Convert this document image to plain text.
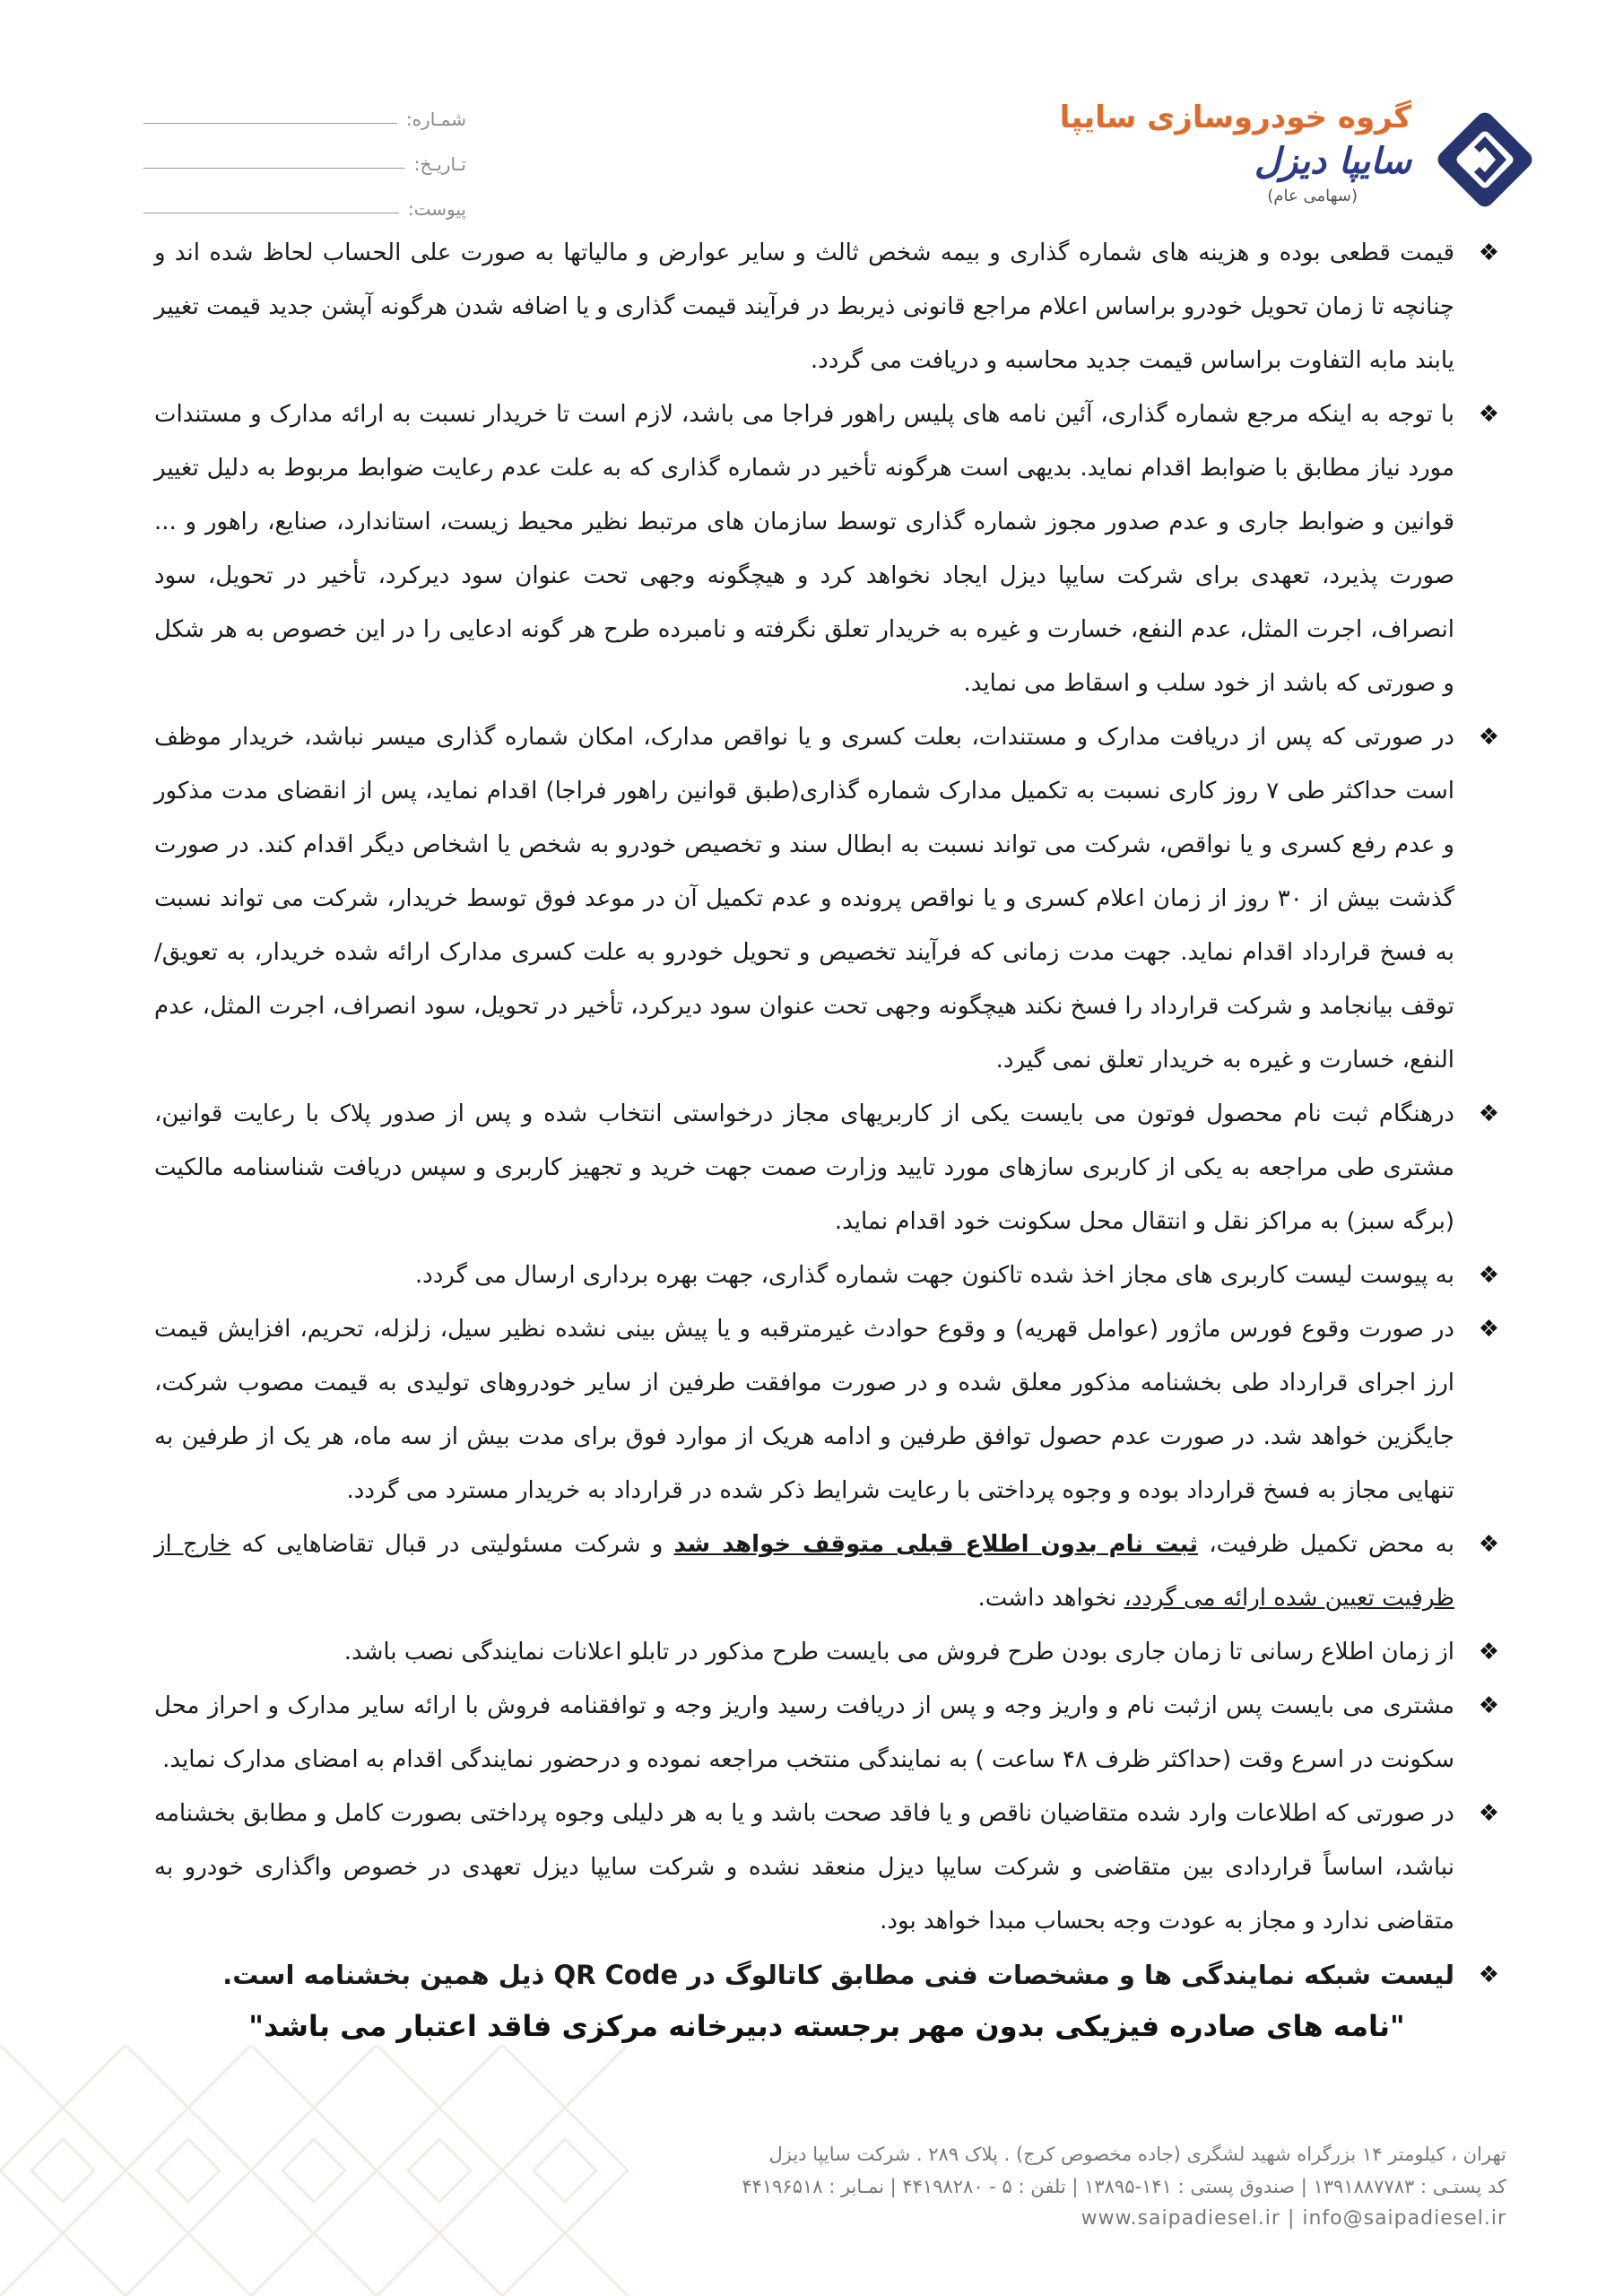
گروه خودروسازی سایپا
سایپا دیزل
(سهامی عام)
شمـاره:
تـاریـخ:
پیوست:
❖
قیمت قطعی بوده و هزینه های شماره گذاری و بیمه شخص ثالث و سایر عوارض و مالیاتها به صورت علی الحساب لحاظ شده اند و چنانچه تا زمان تحویل خودرو براساس اعلام مراجع قانونی ذیربط در فرآیند قیمت گذاری و یا اضافه شدن هرگونه آپشن جدید قیمت تغییر یابند مابه التفاوت براساس قیمت جدید محاسبه و دریافت می گردد.
❖
با توجه به اینکه مرجع شماره گذاری، آئین نامه های پلیس راهور فراجا می باشد، لازم است تا خریدار نسبت به ارائه مدارک و مستندات مورد نیاز مطابق با ضوابط اقدام نماید. بدیهی است هرگونه تأخیر در شماره گذاری که به علت عدم رعایت ضوابط مربوط به دلیل تغییر قوانین و ضوابط جاری و عدم صدور مجوز شماره گذاری توسط سازمان های مرتبط نظیر محیط زیست، استاندارد، صنایع، راهور و ... صورت پذیرد، تعهدی برای شرکت سایپا دیزل ایجاد نخواهد کرد و هیچگونه وجهی تحت عنوان سود دیرکرد، تأخیر در تحویل، سود انصراف، اجرت المثل، عدم النفع، خسارت و غیره به خریدار تعلق نگرفته و نامبرده طرح هر گونه ادعایی را در این خصوص به هر شکل و صورتی که باشد از خود سلب و اسقاط می نماید.
❖
در صورتی که پس از دریافت مدارک و مستندات، بعلت کسری و یا نواقص مدارک، امکان شماره گذاری میسر نباشد، خریدار موظف است حداکثر طی ۷ روز کاری نسبت به تکمیل مدارک شماره گذاری(طبق قوانین راهور فراجا) اقدام نماید، پس از انقضای مدت مذکور و عدم رفع کسری و یا نواقص، شرکت می تواند نسبت به ابطال سند و تخصیص خودرو به شخص یا اشخاص دیگر اقدام کند. در صورت گذشت بیش از ۳۰ روز از زمان اعلام کسری و یا نواقص پرونده و عدم تکمیل آن در موعد فوق توسط خریدار، شرکت می تواند نسبت به فسخ قرارداد اقدام نماید. جهت مدت زمانی که فرآیند تخصیص و تحویل خودرو به علت کسری مدارک ارائه شده خریدار، به تعویق/ توقف بیانجامد و شرکت قرارداد را فسخ نکند هیچگونه وجهی تحت عنوان سود دیرکرد، تأخیر در تحویل، سود انصراف، اجرت المثل، عدم النفع، خسارت و غیره به خریدار تعلق نمی گیرد.
❖
درهنگام ثبت نام محصول فوتون می بایست یکی از کاربریهای مجاز درخواستی انتخاب شده و پس از صدور پلاک با رعایت قوانین، مشتری طی مراجعه به یکی از کاربری سازهای مورد تایید وزارت صمت جهت خرید و تجهیز کاربری و سپس دریافت شناسنامه مالکیت (برگه سبز) به مراکز نقل و انتقال محل سکونت خود اقدام نماید.
❖
به پیوست لیست کاربری های مجاز اخذ شده تاکنون جهت شماره گذاری، جهت بهره برداری ارسال می گردد.
❖
در صورت وقوع فورس ماژور (عوامل قهریه) و وقوع حوادث غیرمترقبه و یا پیش بینی نشده نظیر سیل، زلزله، تحریم، افزایش قیمت ارز اجرای قرارداد طی بخشنامه مذکور معلق شده و در صورت موافقت طرفین از سایر خودروهای تولیدی به قیمت مصوب شرکت، جایگزین خواهد شد. در صورت عدم حصول توافق طرفین و ادامه هریک از موارد فوق برای مدت بیش از سه ماه، هر یک از طرفین به تنهایی مجاز به فسخ قرارداد بوده و وجوه پرداختی با رعایت شرایط ذکر شده در قرارداد به خریدار مسترد می گردد.
❖
به محض تکمیل ظرفیت، ثبت نام بدون اطلاع قبلی متوقف خواهد شد و شرکت مسئولیتی در قبال تقاضاهایی که خارج از ظرفیت تعیین شده ارائه می گردد، نخواهد داشت.
❖
از زمان اطلاع رسانی تا زمان جاری بودن طرح فروش می بایست طرح مذکور در تابلو اعلانات نمایندگی نصب باشد.
❖
مشتری می بایست پس ازثبت نام و واریز وجه و پس از دریافت رسید واریز وجه و توافقنامه فروش با ارائه سایر مدارک و احراز محل سکونت در اسرع وقت (حداکثر ظرف ۴۸ ساعت ) به نمایندگی منتخب مراجعه نموده و درحضور نمایندگی اقدام به امضای مدارک نماید.
❖
در صورتی که اطلاعات وارد شده متقاضیان ناقص و یا فاقد صحت باشد و یا به هر دلیلی وجوه پرداختی بصورت کامل و مطابق بخشنامه نباشد، اساساً قراردادی بین متقاضی و شرکت سایپا دیزل منعقد نشده و شرکت سایپا دیزل تعهدی در خصوص واگذاری خودرو به متقاضی ندارد و مجاز به عودت وجه بحساب مبدا خواهد بود.
❖
لیست شبکه نمایندگی ها و مشخصات فنی مطابق کاتالوگ در QR Code ذیل همین بخشنامه است.
"نامه های صادره فیزیکی بدون مهر برجسته دبیرخانه مرکزی فاقد اعتبار می باشد"
تهران ، کیلومتر ۱۴ بزرگراه شهید لشگری (جاده مخصوص کرج) . پلاک ۲۸۹ . شرکت سایپا دیزل
کد پستـی : ۱۳۹۱۸۸۷۷۸۳ | صندوق پستی : ۱۴۱-۱۳۸۹۵ | تلفن : ۵ - ۴۴۱۹۸۲۸۰ | نمـابر : ۴۴۱۹۶۵۱۸
www.saipadiesel.ir | info@saipadiesel.ir
